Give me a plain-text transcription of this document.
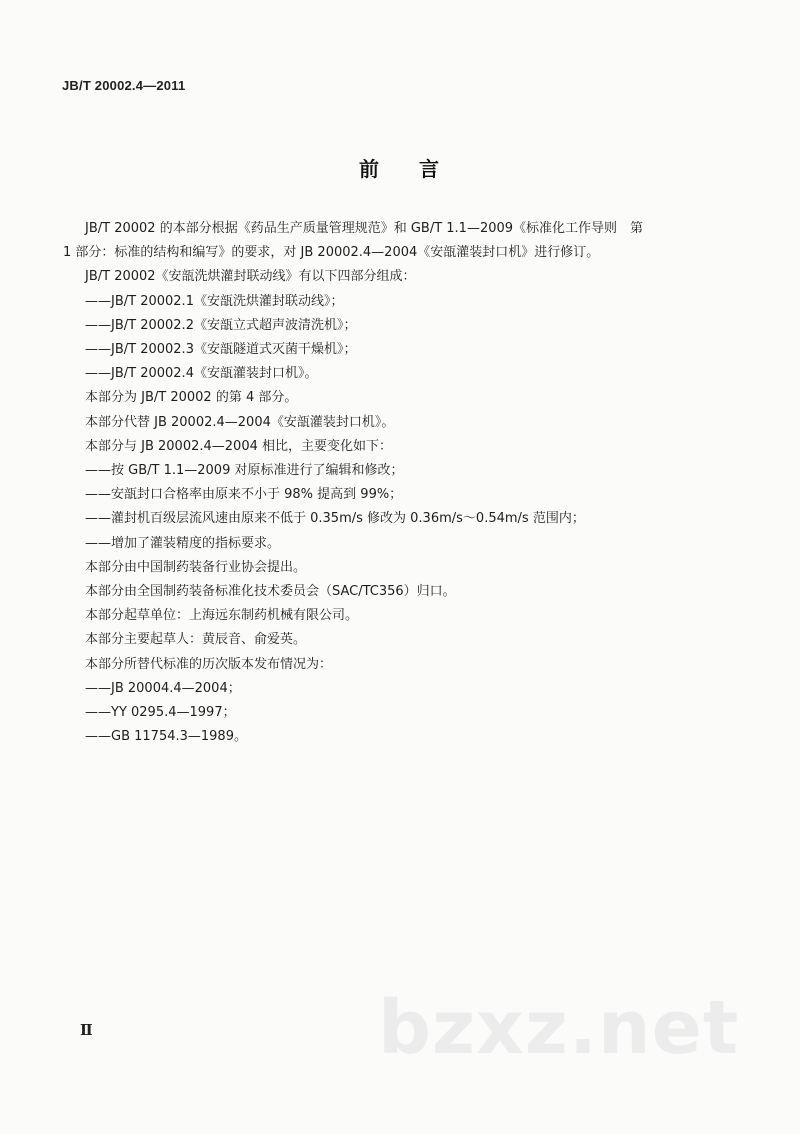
JB/T 20002.4—2011
前 言
JB/T 20002 的本部分根据《药品生产质量管理规范》和 GB/T 1.1—2009《标准化工作导则　第
1 部分：标准的结构和编写》的要求，对 JB 20002.4—2004《安瓿灌装封口机》进行修订。
JB/T 20002《安瓿洗烘灌封联动线》有以下四部分组成：
——JB/T 20002.1《安瓿洗烘灌封联动线》；
——JB/T 20002.2《安瓿立式超声波清洗机》；
——JB/T 20002.3《安瓿隧道式灭菌干燥机》；
——JB/T 20002.4《安瓿灌装封口机》。
本部分为 JB/T 20002 的第 4 部分。
本部分代替 JB 20002.4—2004《安瓿灌装封口机》。
本部分与 JB 20002.4—2004 相比，主要变化如下：
——按 GB/T 1.1—2009 对原标准进行了编辑和修改；
——安瓿封口合格率由原来不小于 98% 提高到 99%；
——灌封机百级层流风速由原来不低于 0.35m/s 修改为 0.36m/s～0.54m/s 范围内；
——增加了灌装精度的指标要求。
本部分由中国制药装备行业协会提出。
本部分由全国制药装备标准化技术委员会（SAC/TC356）归口。
本部分起草单位：上海远东制药机械有限公司。
本部分主要起草人：黄辰音、俞爱英。
本部分所替代标准的历次版本发布情况为：
——JB 20004.4—2004；
——YY 0295.4—1997；
——GB 11754.3—1989。
Ⅱ	bzxz.net
